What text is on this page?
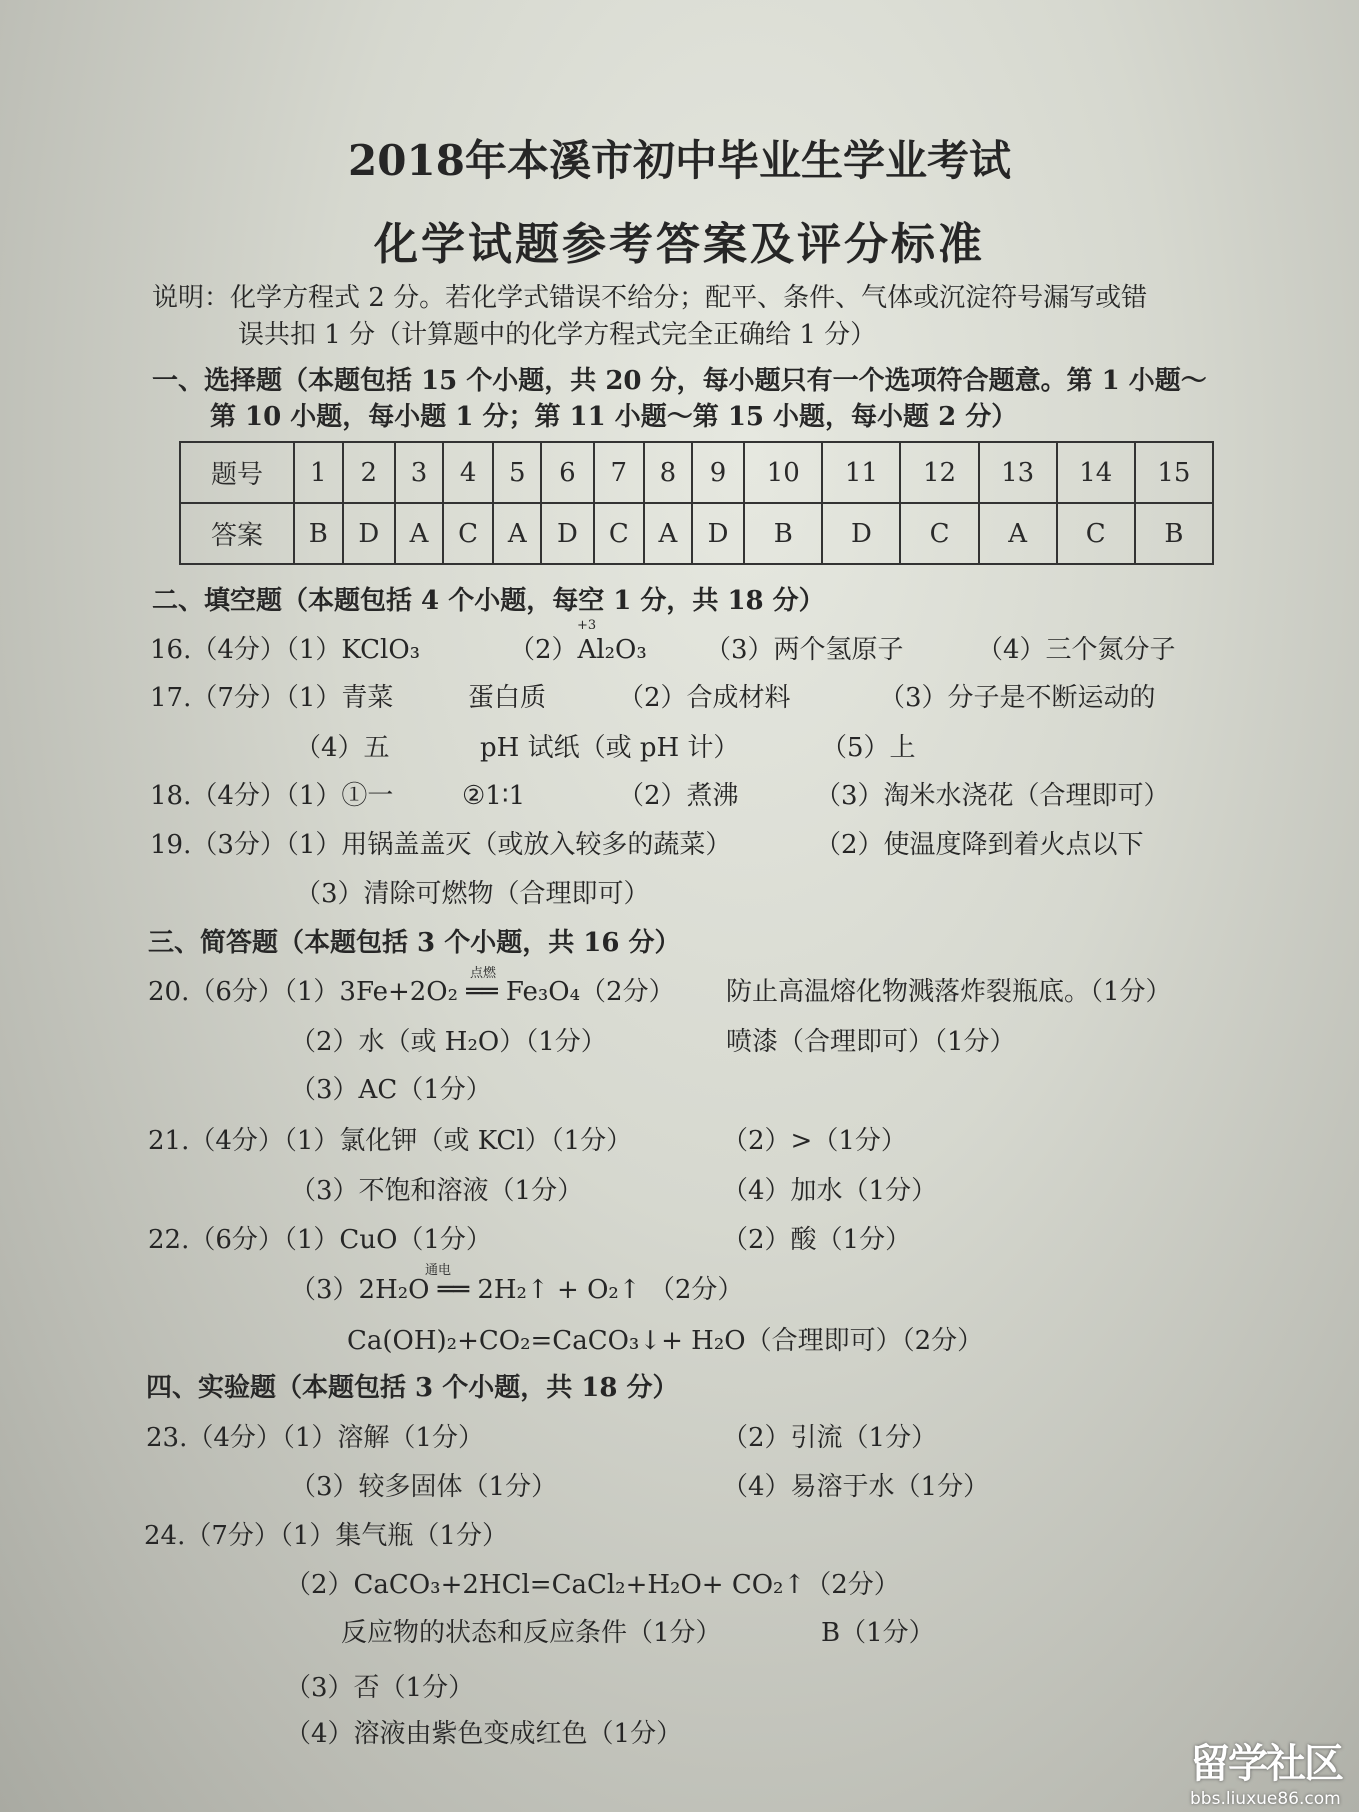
2018年本溪市初中毕业生学业考试
化学试题参考答案及评分标准
说明：化学方程式 2 分。若化学式错误不给分；配平、条件、气体或沉淀符号漏写或错
误共扣 1 分（计算题中的化学方程式完全正确给 1 分）
一、选择题（本题包括 15 个小题，共 20 分，每小题只有一个选项符合题意。第 1 小题～
第 10 小题，每小题 1 分；第 11 小题～第 15 小题，每小题 2 分）
题号	1	2	3	4	5	6	7	8	9	10	11	12	13	14	15
答案	B	D	A	C	A	D	C	A	D	B	D	C	A	C	B
二、填空题（本题包括 4 个小题，每空 1 分，共 18 分）
16.（4分）（1）KClO₃
+3
（2）Al₂O₃ （3）两个氢原子	（4）三个氮分子
17.（7分）（1）青菜	蛋白质	（2）合成材料	（3）分子是不断运动的
（4）五	pH 试纸（或 pH 计）	（5）上
18.（4分）（1）①一	②1∶1	（2）煮沸	（3）淘米水浇花（合理即可）
19.（3分）（1）用锅盖盖灭（或放入较多的蔬菜）	（2）使温度降到着火点以下
（3）清除可燃物（合理即可）
三、简答题（本题包括 3 个小题，共 16 分）
20.（6分）（1）3Fe+2O₂ ══ Fe₃O₄（2分）
点燃
防止高温熔化物溅落炸裂瓶底。（1分）
（2）水（或 H₂O）（1分）	喷漆（合理即可）（1分）
（3）AC（1分）
21.（4分）（1）氯化钾（或 KCl）（1分）	（2）>（1分）
（3）不饱和溶液（1分）	（4）加水（1分）
22.（6分）（1）CuO（1分）	（2）酸（1分）
（3）2H₂O ══ 2H₂↑ + O₂↑ （2分）
通电
Ca(OH)₂+CO₂=CaCO₃↓+ H₂O（合理即可）（2分）
四、实验题（本题包括 3 个小题，共 18 分）
23.（4分）（1）溶解（1分）	（2）引流（1分）
（3）较多固体（1分）	（4）易溶于水（1分）
24.（7分）（1）集气瓶（1分）
（2）CaCO₃+2HCl=CaCl₂+H₂O+ CO₂↑（2分）
反应物的状态和反应条件（1分）	B（1分）
（3）否（1分）
（4）溶液由紫色变成红色（1分）
留学社区
bbs.liuxue86.com
